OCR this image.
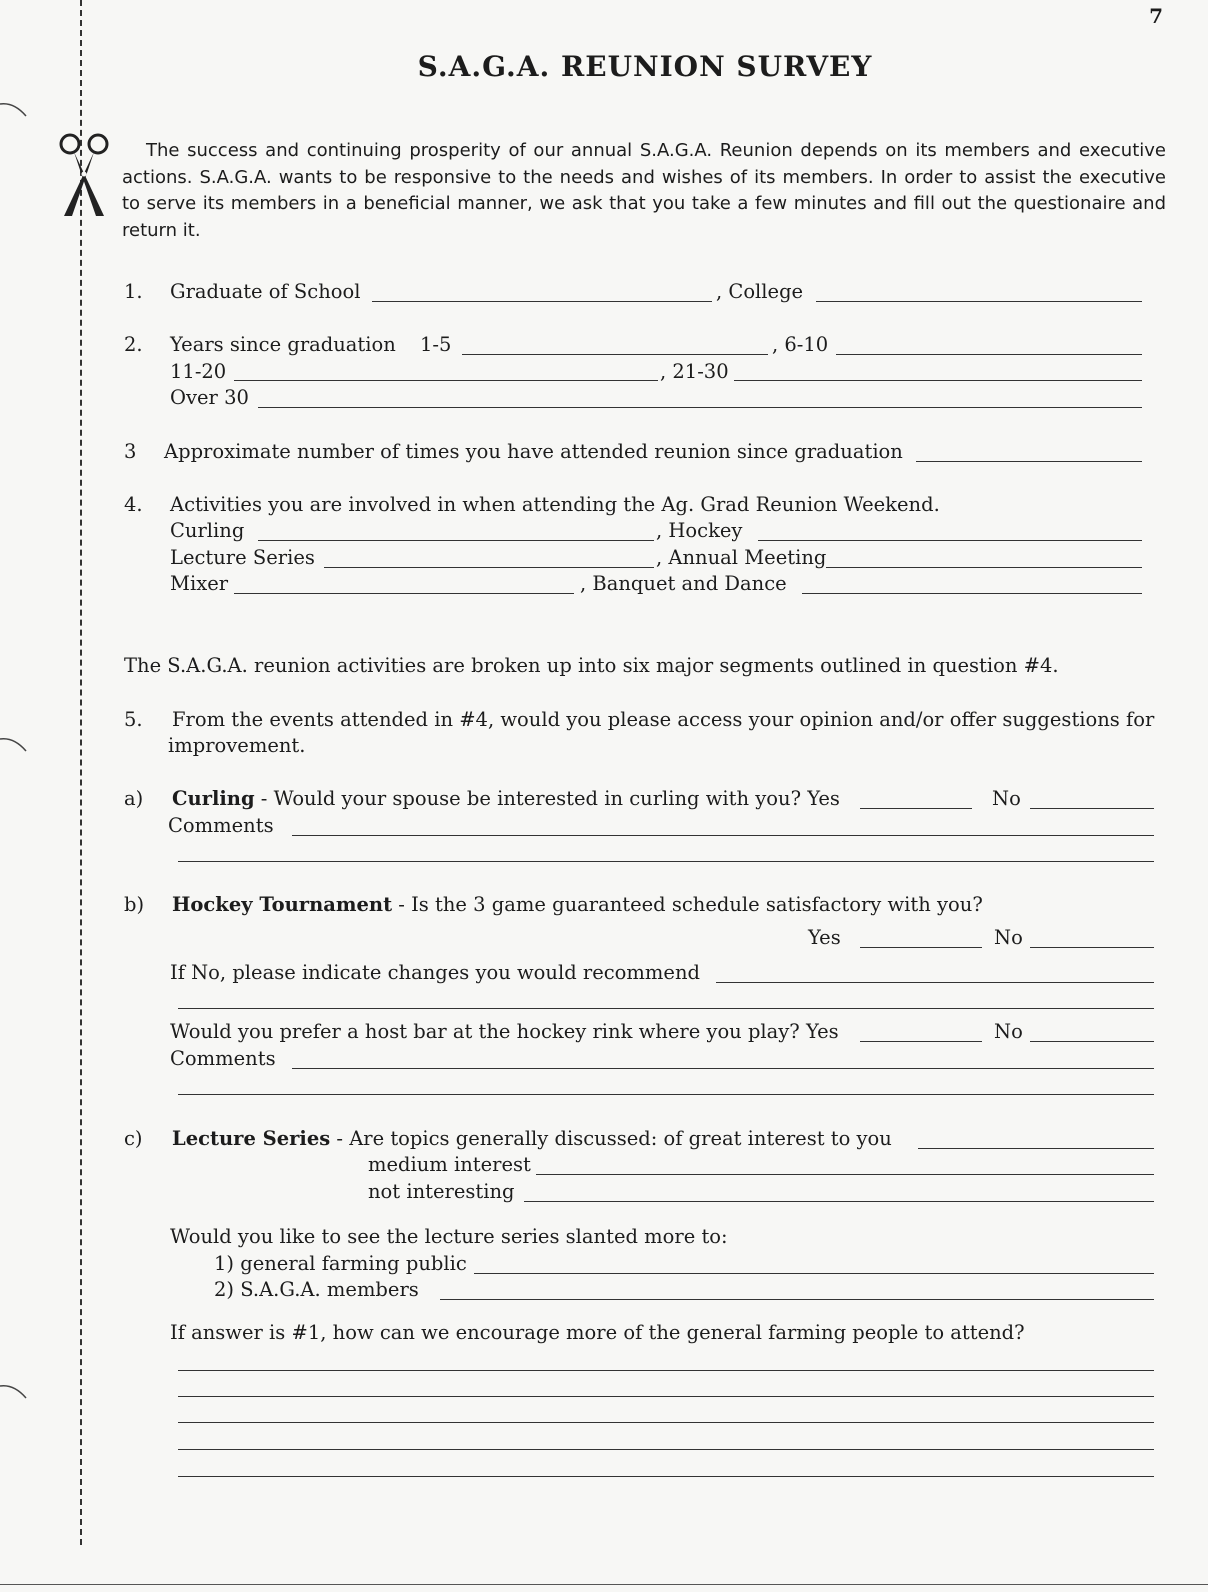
7
S.A.G.A. REUNION SURVEY
The success and continuing prosperity of our annual S.A.G.A. Reunion depends on its members and executive actions. S.A.G.A. wants to be responsive to the needs and wishes of its members. In order to assist the executive to serve its members in a beneficial manner, we ask that you take a few minutes and fill out the questionaire and return it.
1. Graduate of School	, College
2. Years since graduation 1-5	, 6-10
11-20	, 21-30
Over 30
3 Approximate number of times you have attended reunion since graduation
4. Activities you are involved in when attending the Ag. Grad Reunion Weekend.
Curling	, Hockey
Lecture Series	, Annual Meeting
Mixer	, Banquet and Dance
The S.A.G.A. reunion activities are broken up into six major segments outlined in question #4.
5. From the events attended in #4, would you please access your opinion and/or offer suggestions for
improvement.
a) Curling - Would your spouse be interested in curling with you? Yes	No
Comments
b) Hockey Tournament - Is the 3 game guaranteed schedule satisfactory with you?
Yes	No
If No, please indicate changes you would recommend
Would you prefer a host bar at the hockey rink where you play? Yes	No
Comments
c) Lecture Series - Are topics generally discussed: of great interest to you
medium interest
not interesting
Would you like to see the lecture series slanted more to:
1) general farming public
2) S.A.G.A. members
If answer is #1, how can we encourage more of the general farming people to attend?
